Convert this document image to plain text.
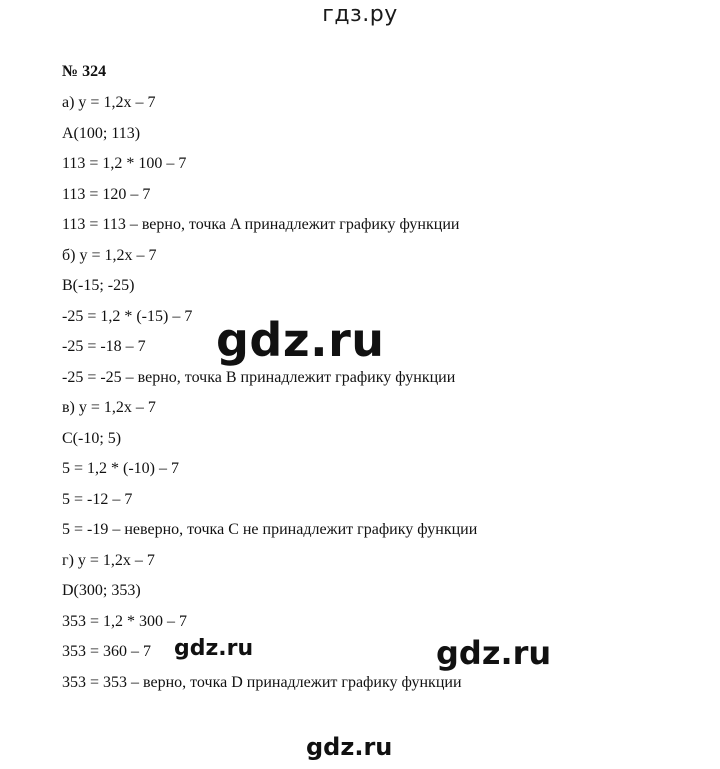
гдз.ру
№ 324
а) y = 1,2x – 7
A(100; 113)
113 = 1,2 * 100 – 7
113 = 120 – 7
113 = 113 – верно, точка A принадлежит графику функции
б) y = 1,2x – 7
B(-15; -25)
-25 = 1,2 * (-15) – 7
-25 = -18 – 7
-25 = -25 – верно, точка B принадлежит графику функции
в) y = 1,2x – 7
C(-10; 5)
5 = 1,2 * (-10) – 7
5 = -12 – 7
5 = -19 – неверно, точка C не принадлежит графику функции
г) y = 1,2x – 7
D(300; 353)
353 = 1,2 * 300 – 7
353 = 360 – 7
353 = 353 – верно, точка D принадлежит графику функции
gdz.ru
gdz.ru	gdz.ru
gdz.ru
